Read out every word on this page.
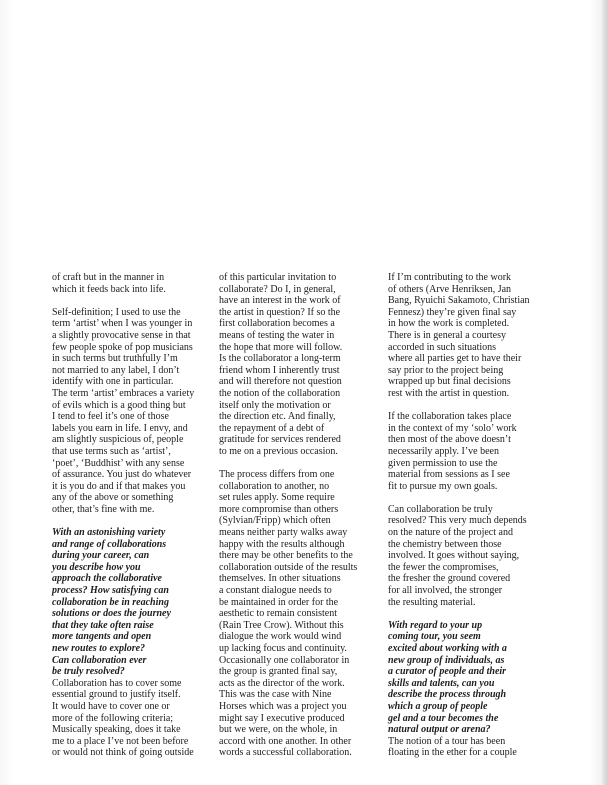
of craft but in the manner in
which it feeds back into life.
Self-definition; I used to use the
term ‘artist’ when I was younger in
a slightly provocative sense in that
few people spoke of pop musicians
in such terms but truthfully I’m
not married to any label, I don’t
identify with one in particular.
The term ‘artist’ embraces a variety
of evils which is a good thing but
I tend to feel it’s one of those
labels you earn in life. I envy, and
am slightly suspicious of, people
that use terms such as ‘artist’,
‘poet’, ‘Buddhist’ with any sense
of assurance. You just do whatever
it is you do and if that makes you
any of the above or something
other, that’s fine with me.
With an astonishing variety
and range of collaborations
during your career, can
you describe how you
approach the collaborative
process? How satisfying can
collaboration be in reaching
solutions or does the journey
that they take often raise
more tangents and open
new routes to explore?
Can collaboration ever
be truly resolved?
Collaboration has to cover some
essential ground to justify itself.
It would have to cover one or
more of the following criteria;
Musically speaking, does it take
me to a place I’ve not been before
or would not think of going outside
of this particular invitation to
collaborate? Do I, in general,
have an interest in the work of
the artist in question? If so the
first collaboration becomes a
means of testing the water in
the hope that more will follow.
Is the collaborator a long-term
friend whom I inherently trust
and will therefore not question
the notion of the collaboration
itself only the motivation or
the direction etc. And finally,
the repayment of a debt of
gratitude for services rendered
to me on a previous occasion.
The process differs from one
collaboration to another, no
set rules apply. Some require
more compromise than others
(Sylvian/Fripp) which often
means neither party walks away
happy with the results although
there may be other benefits to the
collaboration outside of the results
themselves. In other situations
a constant dialogue needs to
be maintained in order for the
aesthetic to remain consistent
(Rain Tree Crow). Without this
dialogue the work would wind
up lacking focus and continuity.
Occasionally one collaborator in
the group is granted final say,
acts as the director of the work.
This was the case with Nine
Horses which was a project you
might say I executive produced
but we were, on the whole, in
accord with one another. In other
words a successful collaboration.
If I’m contributing to the work
of others (Arve Henriksen, Jan
Bang, Ryuichi Sakamoto, Christian
Fennesz) they’re given final say
in how the work is completed.
There is in general a courtesy
accorded in such situations
where all parties get to have their
say prior to the project being
wrapped up but final decisions
rest with the artist in question.
If the collaboration takes place
in the context of my ‘solo’ work
then most of the above doesn’t
necessarily apply. I’ve been
given permission to use the
material from sessions as I see
fit to pursue my own goals.
Can collaboration be truly
resolved? This very much depends
on the nature of the project and
the chemistry between those
involved. It goes without saying,
the fewer the compromises,
the fresher the ground covered
for all involved, the stronger
the resulting material.
With regard to your up
coming tour, you seem
excited about working with a
new group of individuals, as
a curator of people and their
skills and talents, can you
describe the process through
which a group of people
gel and a tour becomes the
natural output or arena?
The notion of a tour has been
floating in the ether for a couple
